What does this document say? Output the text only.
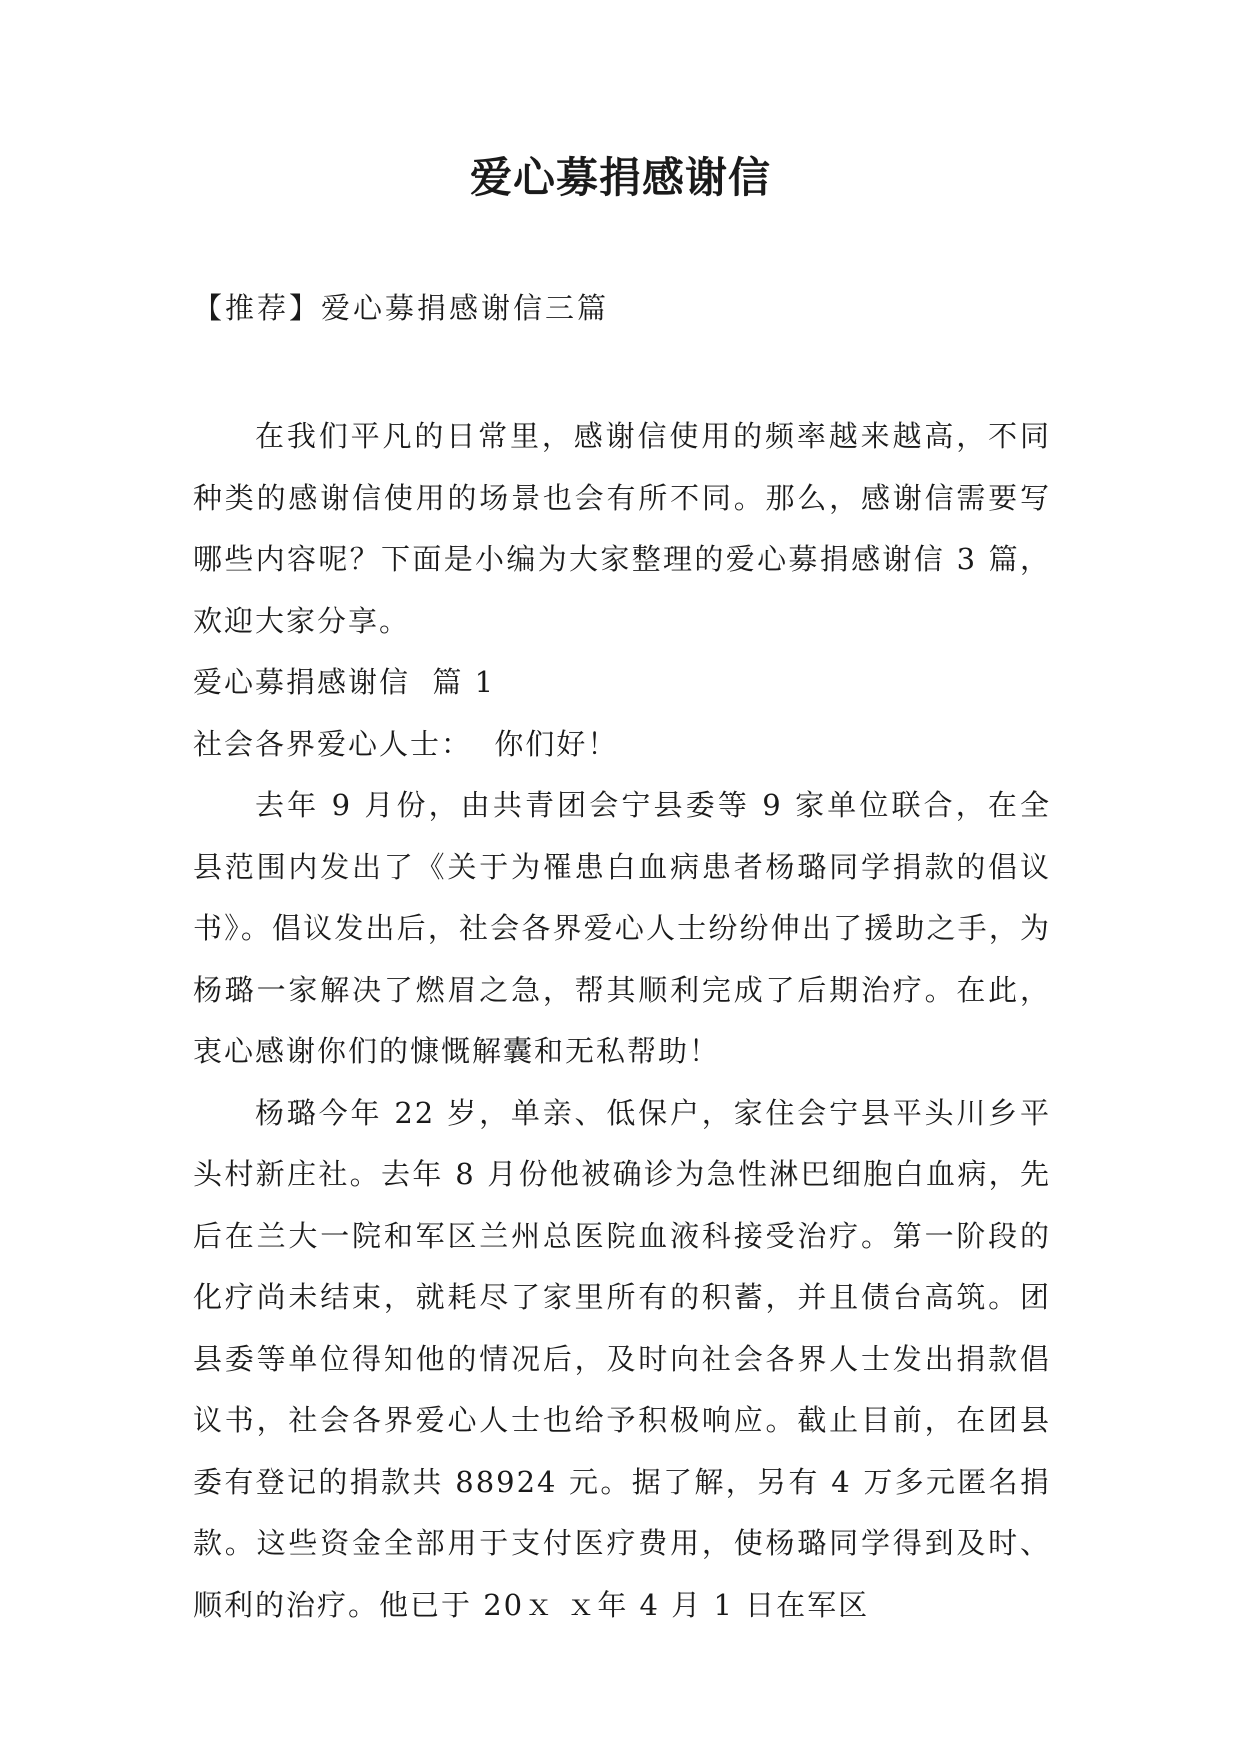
爱心募捐感谢信
【推荐】爱心募捐感谢信三篇

在我们平凡的日常里，感谢信使用的频率越来越高，不同种类的感谢信使用的场景也会有所不同。那么，感谢信需要写哪些内容呢？下面是小编为大家整理的爱心募捐感谢信 3 篇，欢迎大家分享。

爱心募捐感谢信  篇 1

社会各界爱心人士：  你们好！

去年 9 月份，由共青团会宁县委等 9 家单位联合，在全县范围内发出了《关于为罹患白血病患者杨璐同学捐款的倡议书》。倡议发出后，社会各界爱心人士纷纷伸出了援助之手，为杨璐一家解决了燃眉之急，帮其顺利完成了后期治疗。在此，衷心感谢你们的慷慨解囊和无私帮助！

杨璐今年 22 岁，单亲、低保户，家住会宁县平头川乡平头村新庄社。去年 8 月份他被确诊为急性淋巴细胞白血病，先后在兰大一院和军区兰州总医院血液科接受治疗。第一阶段的化疗尚未结束，就耗尽了家里所有的积蓄，并且债台高筑。团县委等单位得知他的情况后，及时向社会各界人士发出捐款倡议书，社会各界爱心人士也给予积极响应。截止目前，在团县委有登记的捐款共 88924 元。据了解，另有 4 万多元匿名捐款。这些资金全部用于支付医疗费用，使杨璐同学得到及时、顺利的治疗。他已于 20ｘ ｘ年 4 月 1 日在军区
